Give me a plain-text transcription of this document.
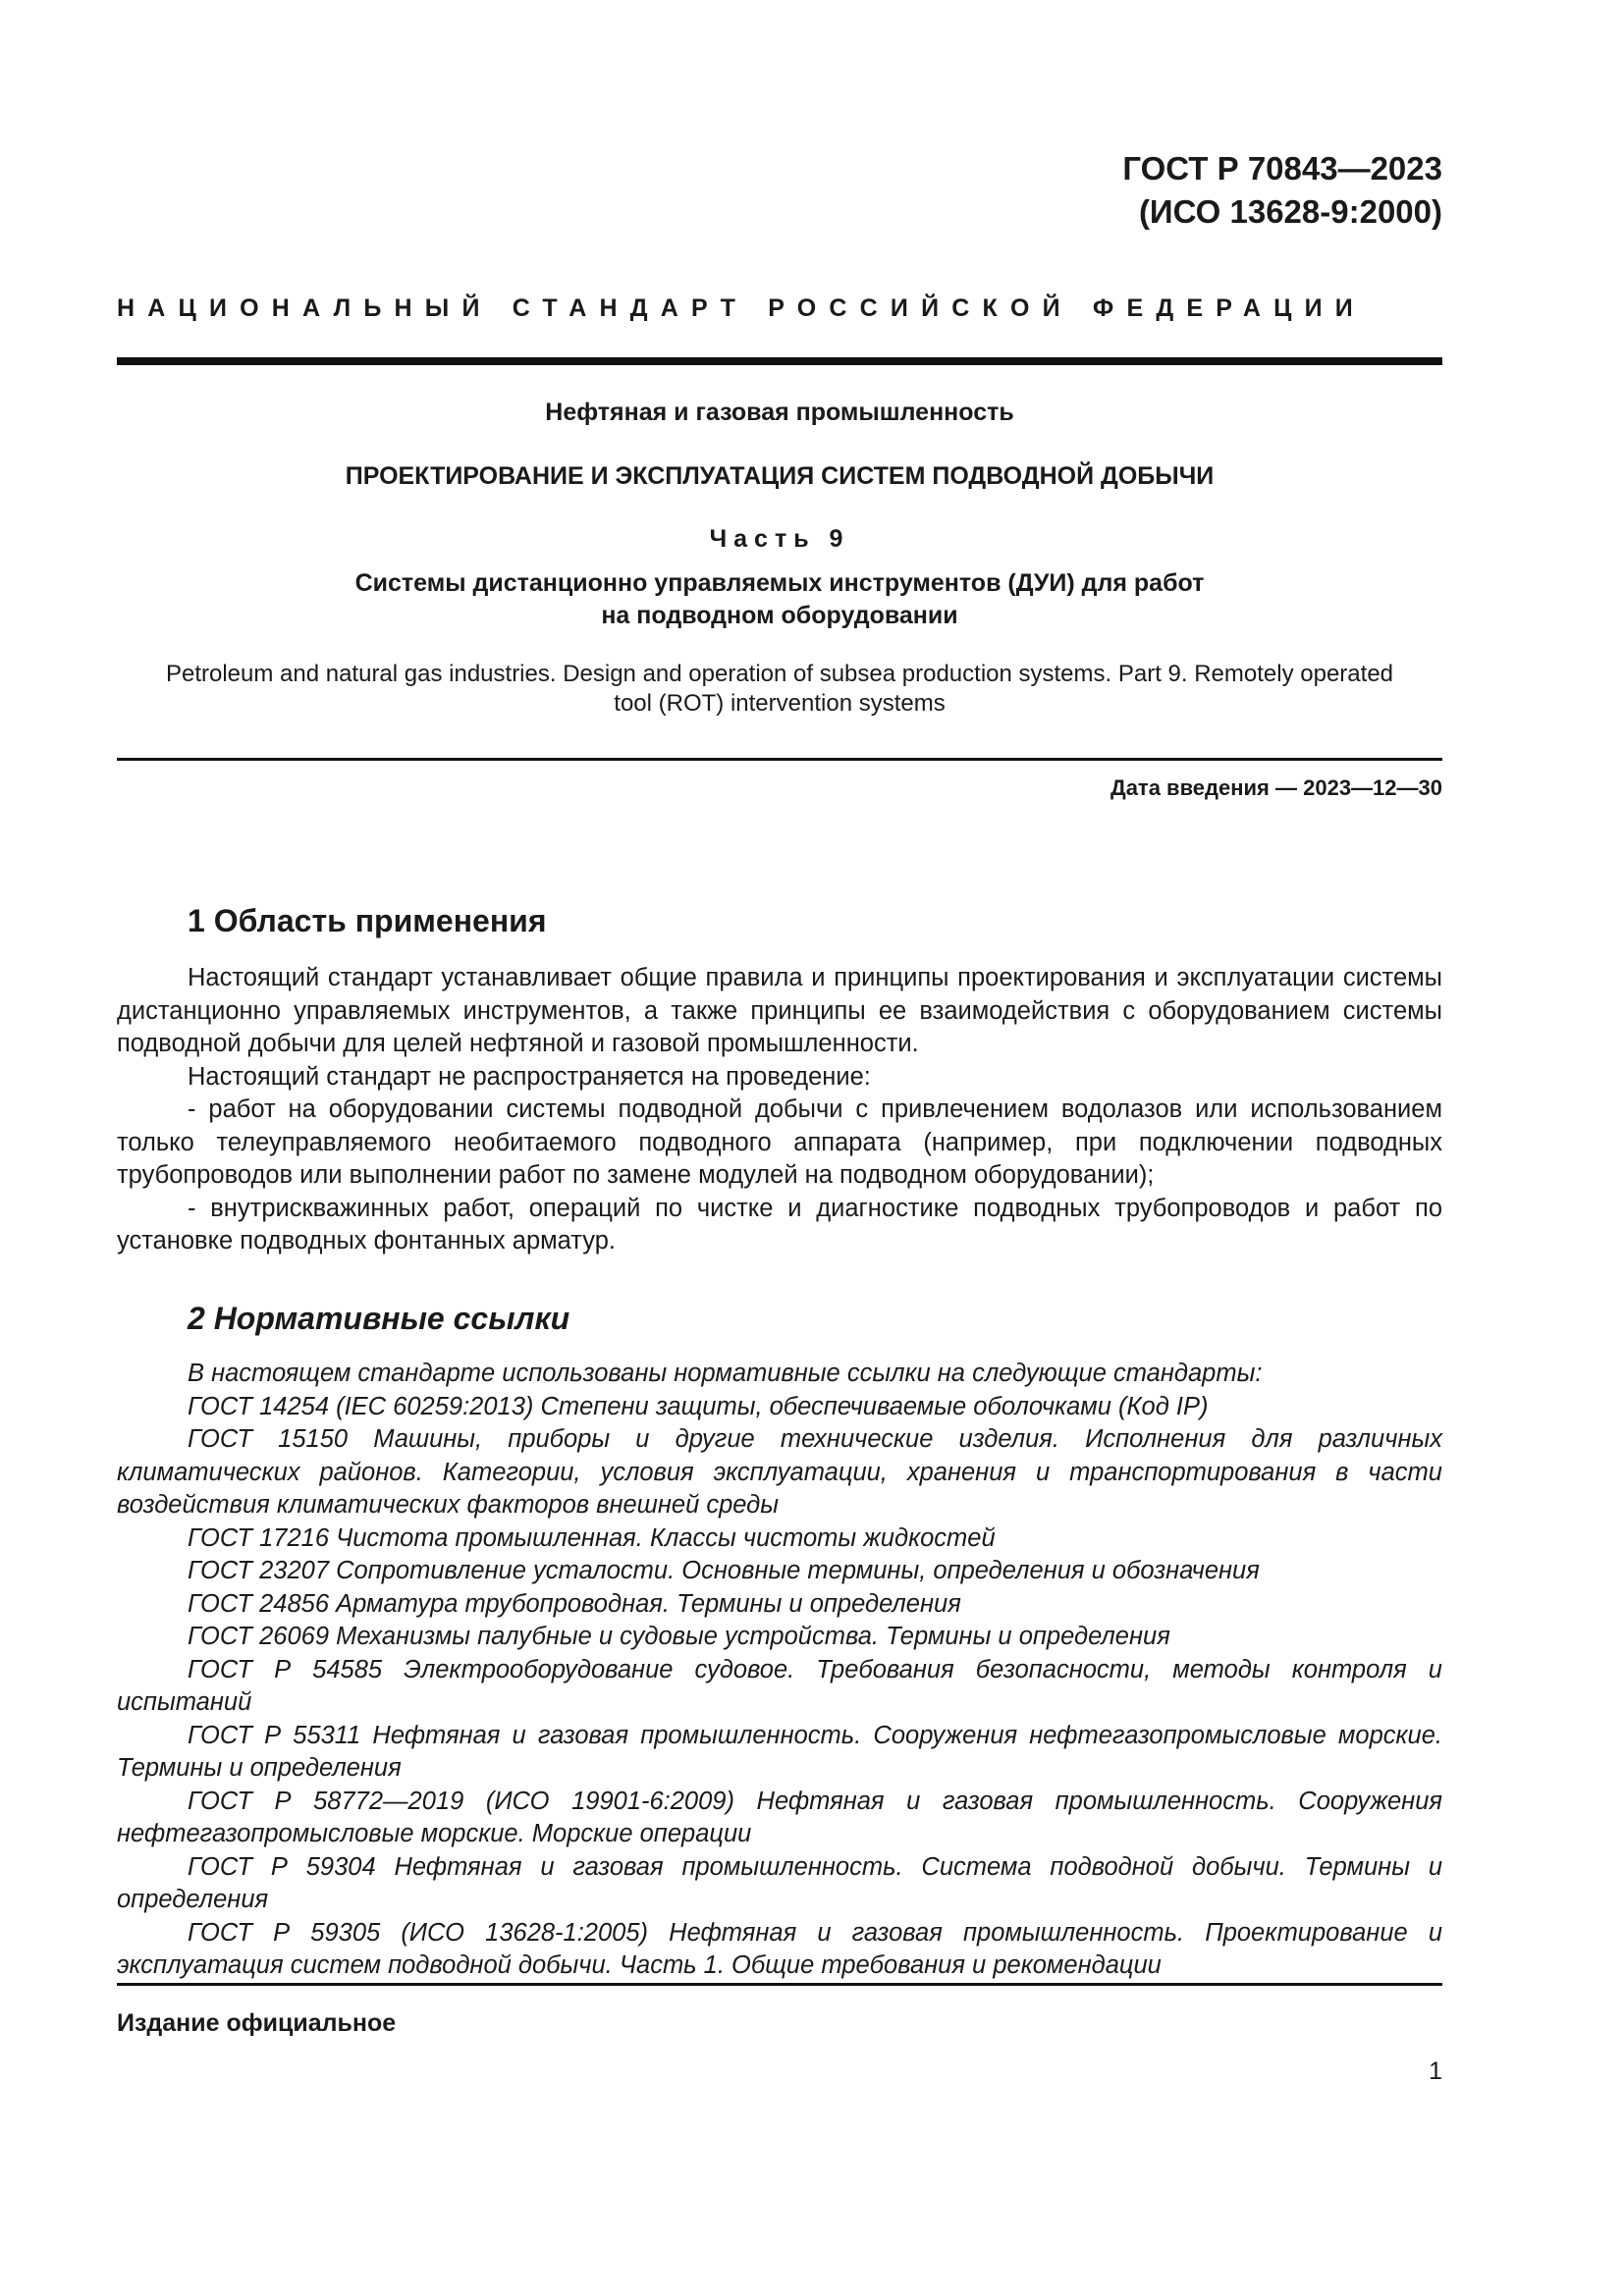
ГОСТ Р 70843—2023
(ИСО 13628-9:2000)
НАЦИОНАЛЬНЫЙ СТАНДАРТ РОССИЙСКОЙ ФЕДЕРАЦИИ
Нефтяная и газовая промышленность
ПРОЕКТИРОВАНИЕ И ЭКСПЛУАТАЦИЯ СИСТЕМ ПОДВОДНОЙ ДОБЫЧИ
Часть 9
Системы дистанционно управляемых инструментов (ДУИ) для работ
на подводном оборудовании
Petroleum and natural gas industries. Design and operation of subsea production systems. Part 9. Remotely operated
tool (ROT) intervention systems
Дата введения — 2023—12—30
1 Область применения

Настоящий стандарт устанавливает общие правила и принципы проектирования и эксплуатации системы дистанционно управляемых инструментов, а также принципы ее взаимодействия с оборудованием системы подводной добычи для целей нефтяной и газовой промышленности.

Настоящий стандарт не распространяется на проведение:

- работ на оборудовании системы подводной добычи с привлечением водолазов или использованием только телеуправляемого необитаемого подводного аппарата (например, при подключении подводных трубопроводов или выполнении работ по замене модулей на подводном оборудовании);

- внутрискважинных работ, операций по чистке и диагностике подводных трубопроводов и работ по установке подводных фонтанных арматур.

2 Нормативные ссылки

В настоящем стандарте использованы нормативные ссылки на следующие стандарты:

ГОСТ 14254 (IEC 60259:2013) Степени защиты, обеспечиваемые оболочками (Код IP)

ГОСТ 15150 Машины, приборы и другие технические изделия. Исполнения для различных климатических районов. Категории, условия эксплуатации, хранения и транспортирования в части воздействия климатических факторов внешней среды

ГОСТ 17216 Чистота промышленная. Классы чистоты жидкостей

ГОСТ 23207 Сопротивление усталости. Основные термины, определения и обозначения

ГОСТ 24856 Арматура трубопроводная. Термины и определения

ГОСТ 26069 Механизмы палубные и судовые устройства. Термины и определения

ГОСТ Р 54585 Электрооборудование судовое. Требования безопасности, методы контроля и испытаний

ГОСТ Р 55311 Нефтяная и газовая промышленность. Сооружения нефтегазопромысловые морские. Термины и определения

ГОСТ Р 58772—2019 (ИСО 19901-6:2009) Нефтяная и газовая промышленность. Сооружения нефтегазопромысловые морские. Морские операции

ГОСТ Р 59304 Нефтяная и газовая промышленность. Система подводной добычи. Термины и определения

ГОСТ Р 59305 (ИСО 13628-1:2005) Нефтяная и газовая промышленность. Проектирование и эксплуатация систем подводной добычи. Часть 1. Общие требования и рекомендации

Издание официальное
1
